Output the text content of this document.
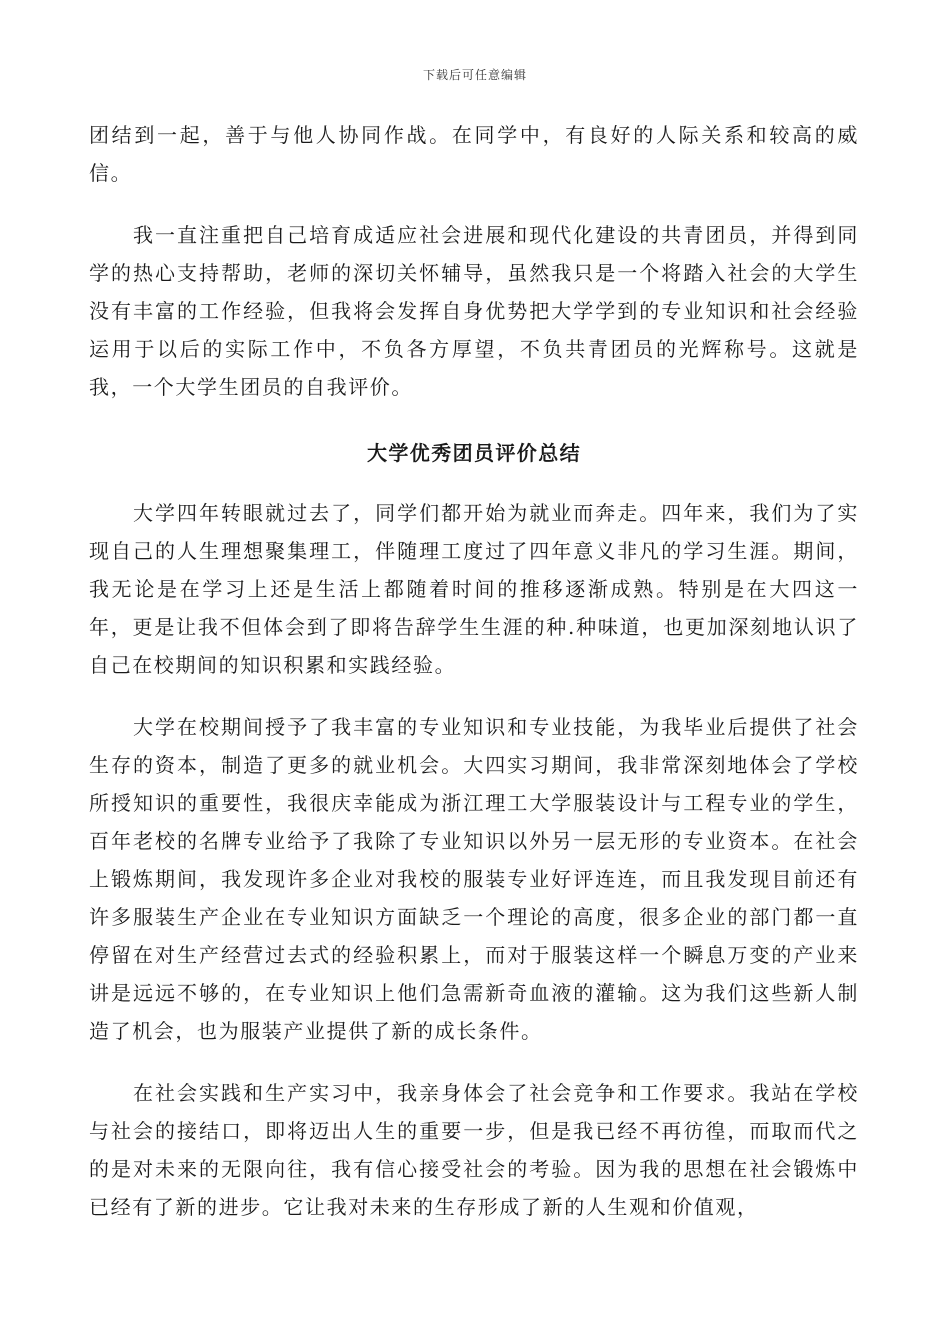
下载后可任意编辑

团结到一起，善于与他人协同作战。在同学中，有良好的人际关系和较高的威信。

我一直注重把自己培育成适应社会进展和现代化建设的共青团员，并得到同学的热心支持帮助，老师的深切关怀辅导，虽然我只是一个将踏入社会的大学生没有丰富的工作经验，但我将会发挥自身优势把大学学到的专业知识和社会经验运用于以后的实际工作中，不负各方厚望，不负共青团员的光辉称号。这就是我，一个大学生团员的自我评价。

大学优秀团员评价总结

大学四年转眼就过去了，同学们都开始为就业而奔走。四年来，我们为了实现自己的人生理想聚集理工，伴随理工度过了四年意义非凡的学习生涯。期间，我无论是在学习上还是生活上都随着时间的推移逐渐成熟。特别是在大四这一年，更是让我不但体会到了即将告辞学生生涯的种.种味道，也更加深刻地认识了自己在校期间的知识积累和实践经验。

大学在校期间授予了我丰富的专业知识和专业技能，为我毕业后提供了社会生存的资本，制造了更多的就业机会。大四实习期间，我非常深刻地体会了学校所授知识的重要性，我很庆幸能成为浙江理工大学服装设计与工程专业的学生，百年老校的名牌专业给予了我除了专业知识以外另一层无形的专业资本。在社会上锻炼期间，我发现许多企业对我校的服装专业好评连连，而且我发现目前还有许多服装生产企业在专业知识方面缺乏一个理论的高度，很多企业的部门都一直停留在对生产经营过去式的经验积累上，而对于服装这样一个瞬息万变的产业来讲是远远不够的，在专业知识上他们急需新奇血液的灌输。这为我们这些新人制造了机会，也为服装产业提供了新的成长条件。

在社会实践和生产实习中，我亲身体会了社会竞争和工作要求。我站在学校与社会的接结口，即将迈出人生的重要一步，但是我已经不再彷徨，而取而代之的是对未来的无限向往，我有信心接受社会的考验。因为我的思想在社会锻炼中已经有了新的进步。它让我对未来的生存形成了新的人生观和价值观，
